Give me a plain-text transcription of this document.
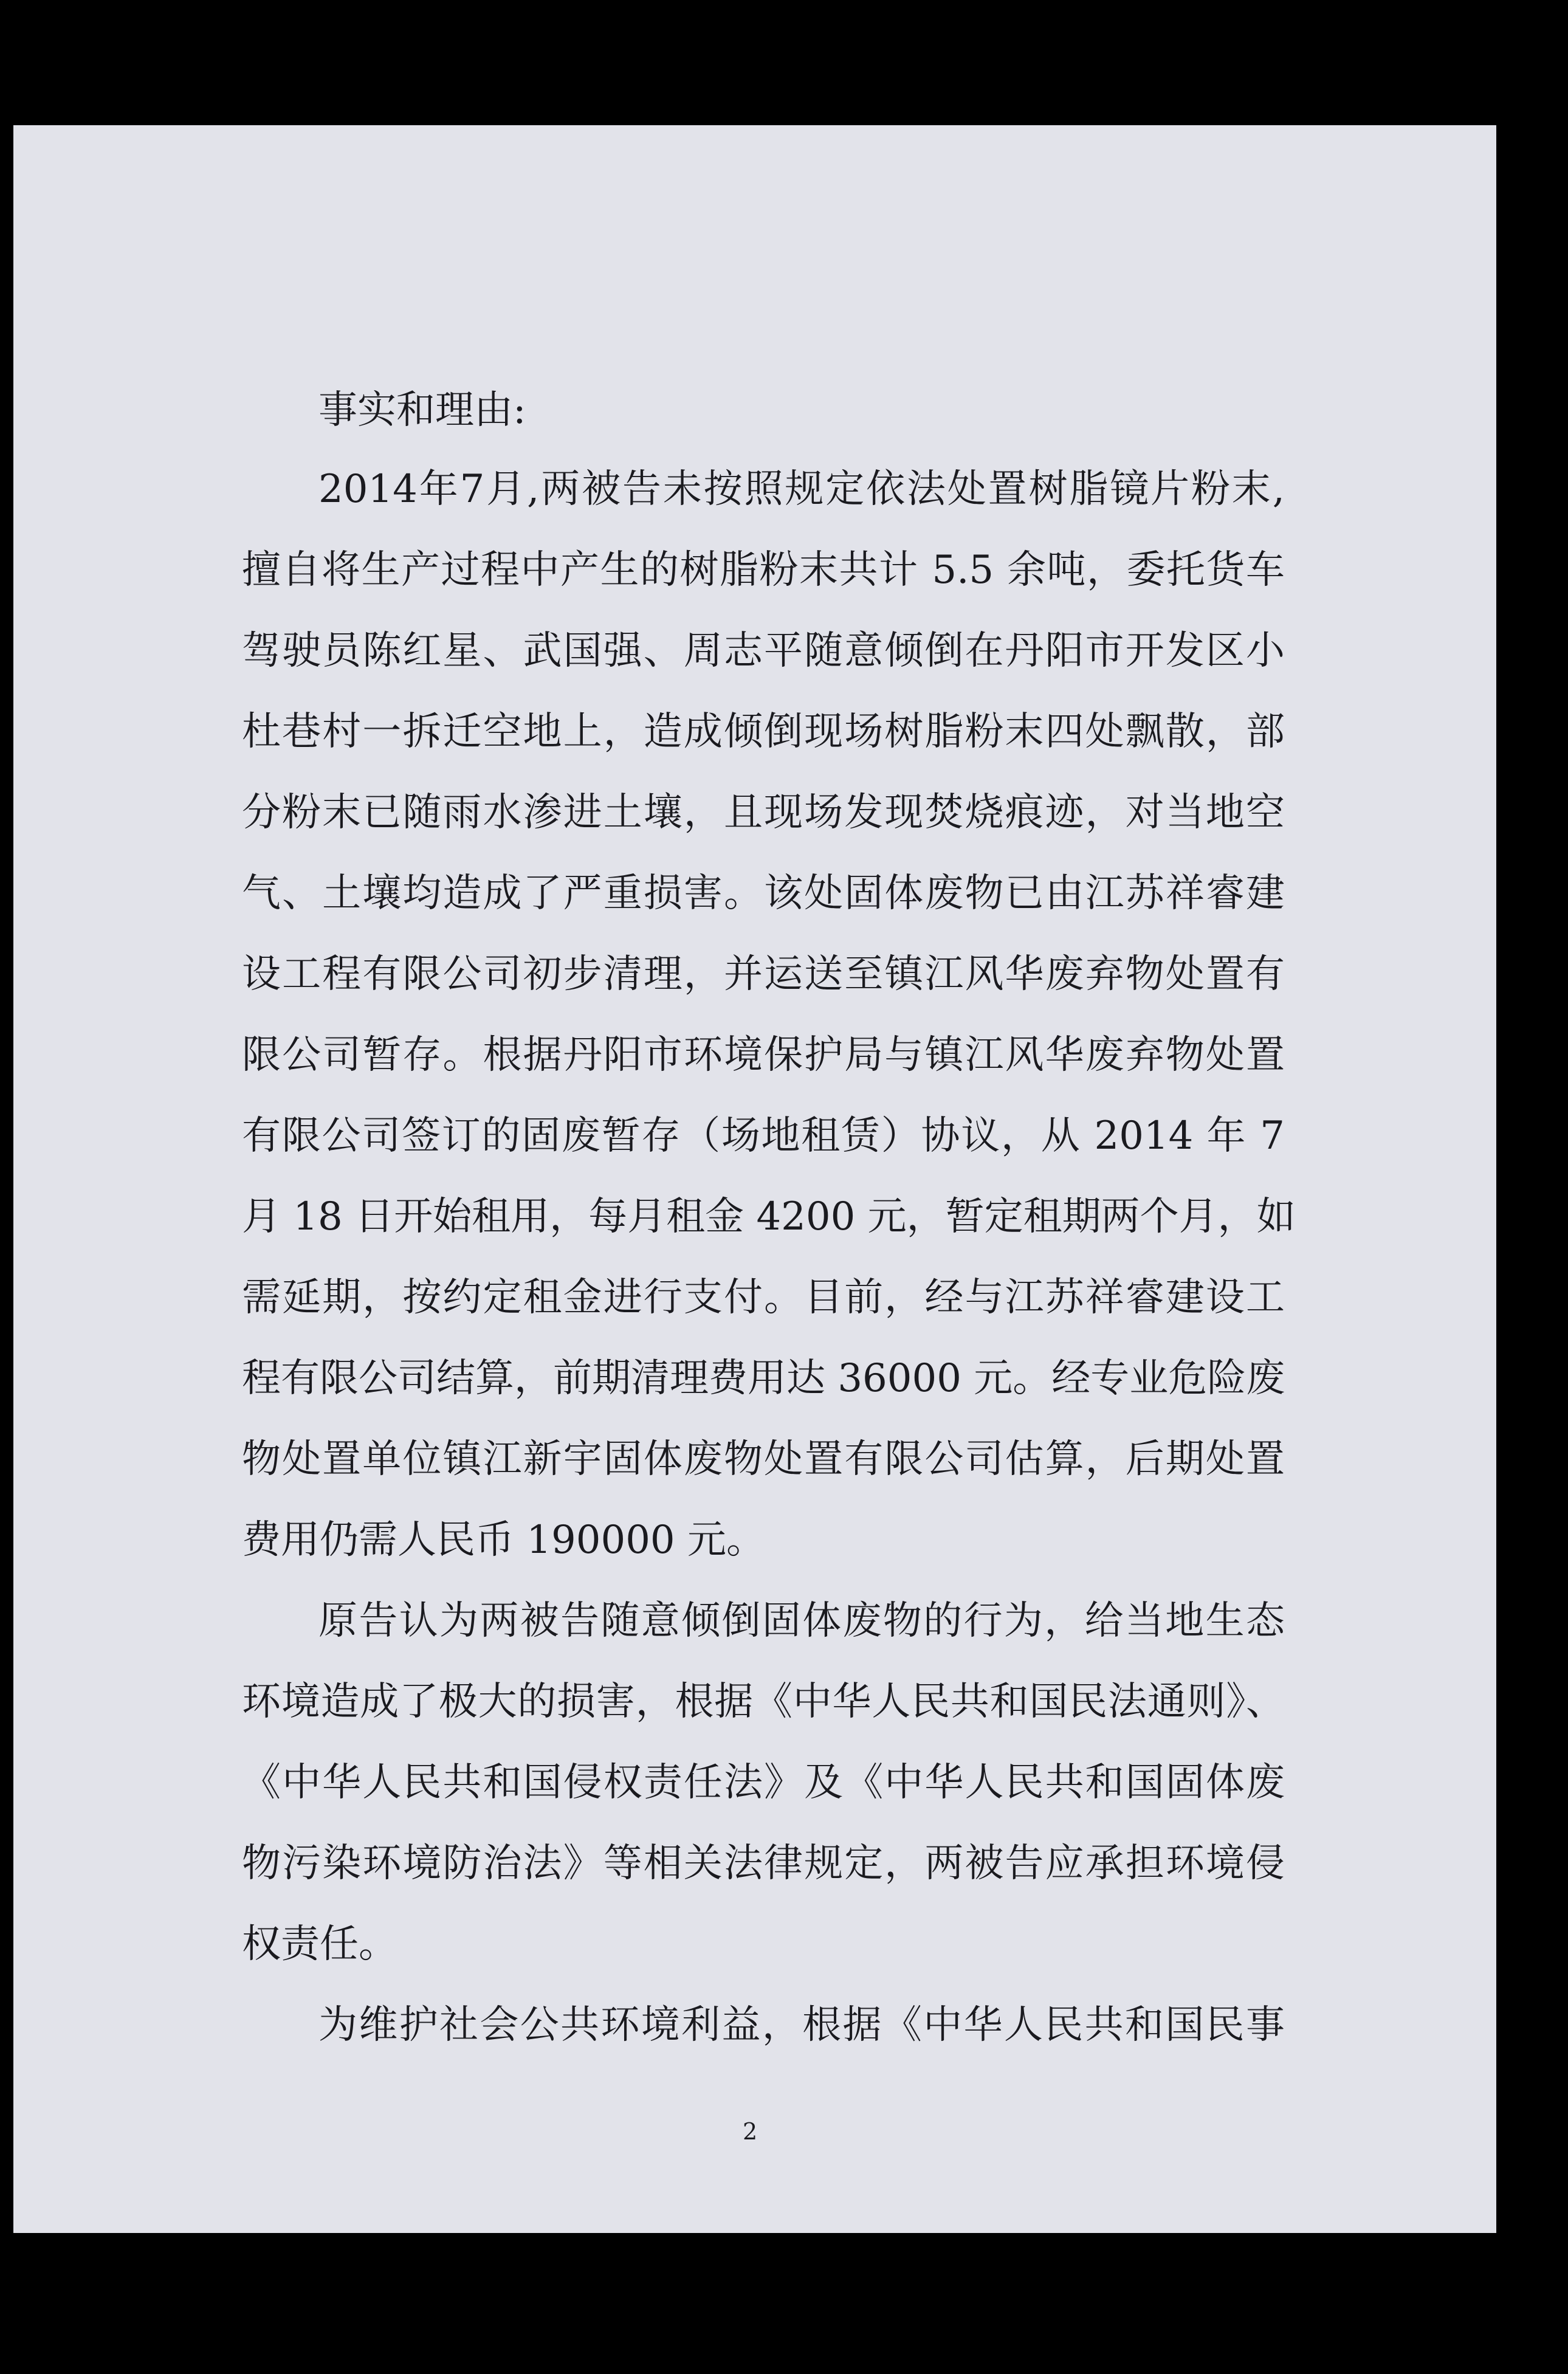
事实和理由:
2014年7月,两被告未按照规定依法处置树脂镜片粉末,
擅自将生产过程中产生的树脂粉末共计 5.5 余吨，委托货车
驾驶员陈红星、武国强、周志平随意倾倒在丹阳市开发区小
杜巷村一拆迁空地上，造成倾倒现场树脂粉末四处飘散，部
分粉末已随雨水渗进土壤，且现场发现焚烧痕迹，对当地空
气、土壤均造成了严重损害。该处固体废物已由江苏祥睿建
设工程有限公司初步清理，并运送至镇江风华废弃物处置有
限公司暂存。根据丹阳市环境保护局与镇江风华废弃物处置
有限公司签订的固废暂存（场地租赁）协议，从 2014 年 7
月 18 日开始租用，每月租金 4200 元，暂定租期两个月，如
需延期，按约定租金进行支付。目前，经与江苏祥睿建设工
程有限公司结算，前期清理费用达 36000 元。经专业危险废
物处置单位镇江新宇固体废物处置有限公司估算，后期处置
费用仍需人民币 190000 元。
原告认为两被告随意倾倒固体废物的行为，给当地生态
环境造成了极大的损害，根据《中华人民共和国民法通则》、
《中华人民共和国侵权责任法》及《中华人民共和国固体废
物污染环境防治法》等相关法律规定，两被告应承担环境侵
权责任。
为维护社会公共环境利益，根据《中华人民共和国民事
2
